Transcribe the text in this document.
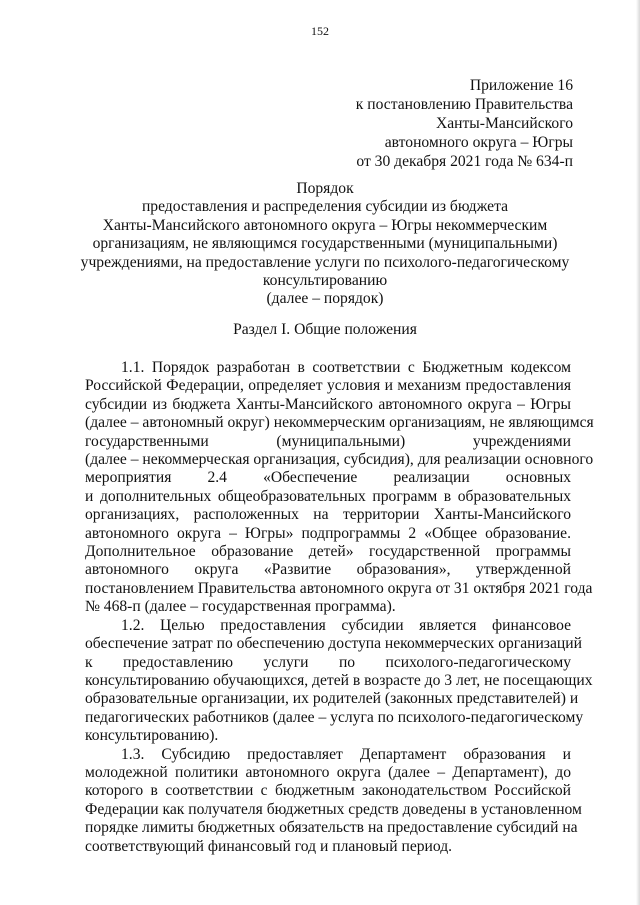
152
Приложение 16
к постановлению Правительства
Ханты-Мансийского
автономного округа – Югры
от 30 декабря 2021 года № 634-п
Порядок
предоставления и распределения субсидии из бюджета
Ханты-Мансийского автономного округа – Югры некоммерческим
организациям, не являющимся государственными (муниципальными)
учреждениями, на предоставление услуги по психолого-педагогическому
консультированию
(далее – порядок)
Раздел I. Общие положения
1.1. Порядок разработан в соответствии с Бюджетным кодексом
Российской Федерации, определяет условия и механизм предоставления
субсидии из бюджета Ханты-Мансийского автономного округа – Югры
(далее – автономный округ) некоммерческим организациям, не являющимся
государственными (муниципальными) учреждениями
(далее – некоммерческая организация, субсидия), для реализации основного
мероприятия 2.4 «Обеспечение реализации основных
и дополнительных общеобразовательных программ в образовательных
организациях, расположенных на территории Ханты-Мансийского
автономного округа – Югры» подпрограммы 2 «Общее образование.
Дополнительное образование детей» государственной программы
автономного округа «Развитие образования», утвержденной
постановлением Правительства автономного округа от 31 октября 2021 года
№ 468-п (далее – государственная программа).
1.2. Целью предоставления субсидии является финансовое
обеспечение затрат по обеспечению доступа некоммерческих организаций
к предоставлению услуги по психолого-педагогическому
консультированию обучающихся, детей в возрасте до 3 лет, не посещающих
образовательные организации, их родителей (законных представителей) и
педагогических работников (далее – услуга по психолого-педагогическому
консультированию).
1.3. Субсидию предоставляет Департамент образования и
молодежной политики автономного округа (далее – Департамент), до
которого в соответствии с бюджетным законодательством Российской
Федерации как получателя бюджетных средств доведены в установленном
порядке лимиты бюджетных обязательств на предоставление субсидий на
соответствующий финансовый год и плановый период.
